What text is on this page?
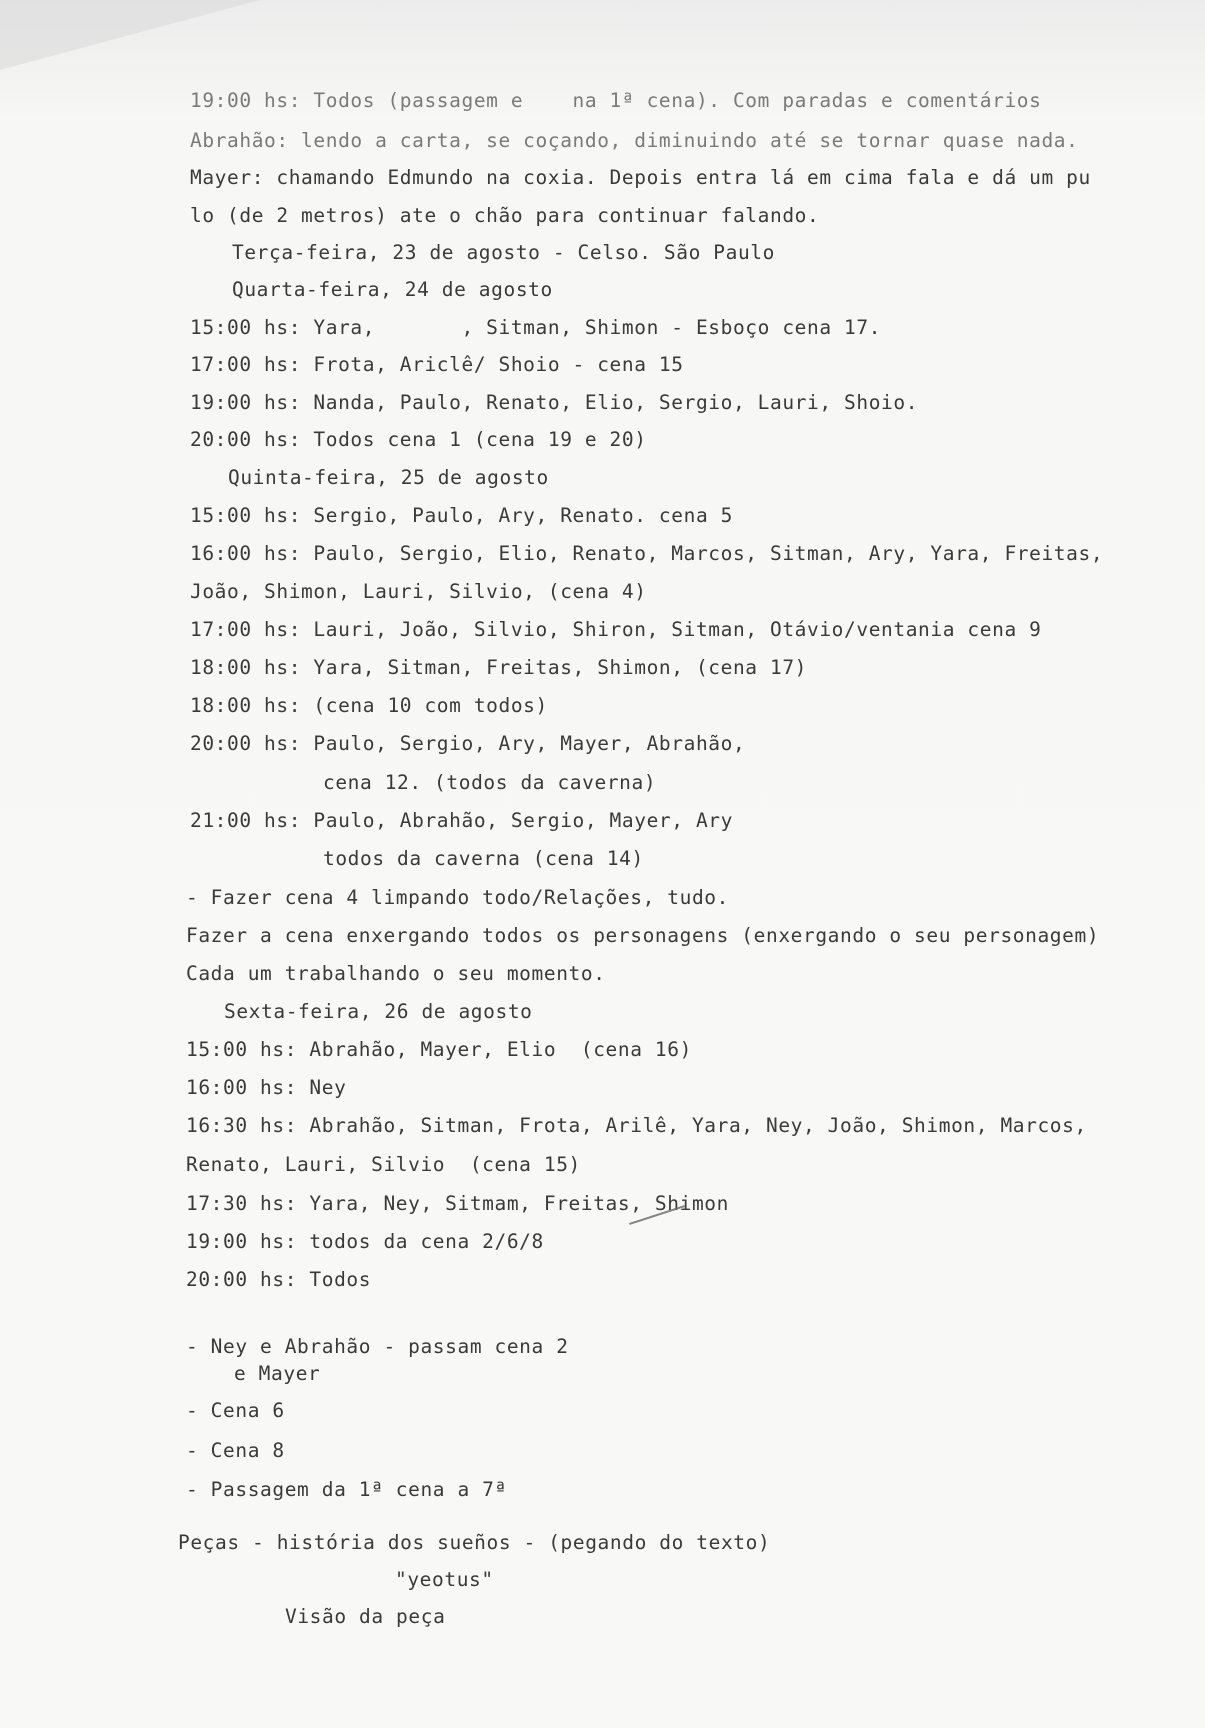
19:00 hs: Todos (passagem e    na 1ª cena). Com paradas e comentários
Abrahão: lendo a carta, se coçando, diminuindo até se tornar quase nada.
Mayer: chamando Edmundo na coxia. Depois entra lá em cima fala e dá um pu
lo (de 2 metros) ate o chão para continuar falando.
Terça-feira, 23 de agosto - Celso. São Paulo
Quarta-feira, 24 de agosto
15:00 hs: Yara,       , Sitman, Shimon - Esboço cena 17.
17:00 hs: Frota, Ariclê/ Shoio - cena 15
19:00 hs: Nanda, Paulo, Renato, Elio, Sergio, Lauri, Shoio.
20:00 hs: Todos cena 1 (cena 19 e 20)
Quinta-feira, 25 de agosto
15:00 hs: Sergio, Paulo, Ary, Renato. cena 5
16:00 hs: Paulo, Sergio, Elio, Renato, Marcos, Sitman, Ary, Yara, Freitas,
João, Shimon, Lauri, Silvio, (cena 4)
17:00 hs: Lauri, João, Silvio, Shiron, Sitman, Otávio/ventania cena 9
18:00 hs: Yara, Sitman, Freitas, Shimon, (cena 17)
18:00 hs: (cena 10 com todos)
20:00 hs: Paulo, Sergio, Ary, Mayer, Abrahão,
cena 12. (todos da caverna)
21:00 hs: Paulo, Abrahão, Sergio, Mayer, Ary
todos da caverna (cena 14)
- Fazer cena 4 limpando todo/Relações, tudo.
Fazer a cena enxergando todos os personagens (enxergando o seu personagem)
Cada um trabalhando o seu momento.
Sexta-feira, 26 de agosto
15:00 hs: Abrahão, Mayer, Elio  (cena 16)
16:00 hs: Ney
16:30 hs: Abrahão, Sitman, Frota, Arilê, Yara, Ney, João, Shimon, Marcos,
Renato, Lauri, Silvio  (cena 15)
17:30 hs: Yara, Ney, Sitmam, Freitas, Shimon
19:00 hs: todos da cena 2/6/8
20:00 hs: Todos
- Ney e Abrahão - passam cena 2
e Mayer
- Cena 6
- Cena 8
- Passagem da 1ª cena a 7ª
Peças - história dos sueños - (pegando do texto)
"yeotus"
Visão da peça
